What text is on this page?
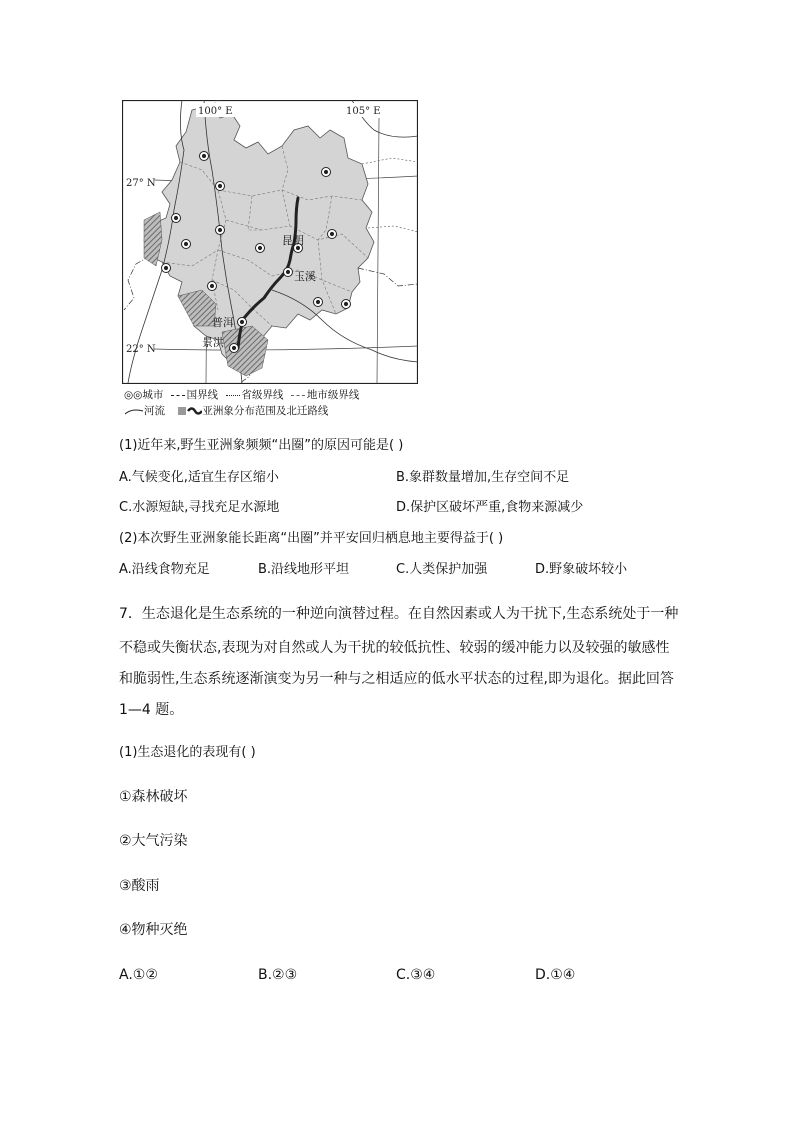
100° E	105° E
27° N
22° N
昆明
玉溪
普洱
景洪
◎◎城市 国界线 省级界线 地市级界线
河流	亚洲象分布范围及北迁路线
(1)近年来,野生亚洲象频频“出圈”的原因可能是( )
A.气候变化,适宜生存区缩小	B.象群数量增加,生存空间不足
C.水源短缺,寻找充足水源地	D.保护区破坏严重,食物来源减少
(2)本次野生亚洲象能长距离“出圈”并平安回归栖息地主要得益于( )
A.沿线食物充足	B.沿线地形平坦	C.人类保护加强	D.野象破坏较小
7．生态退化是生态系统的一种逆向演替过程。在自然因素或人为干扰下,生态系统处于一种
不稳或失衡状态,表现为对自然或人为干扰的较低抗性、较弱的缓冲能力以及较强的敏感性
和脆弱性,生态系统逐渐演变为另一种与之相适应的低水平状态的过程,即为退化。据此回答
1—4 题。
(1)生态退化的表现有( )
①森林破坏
②大气污染
③酸雨
④物种灭绝
A.①②	B.②③	C.③④	D.①④
